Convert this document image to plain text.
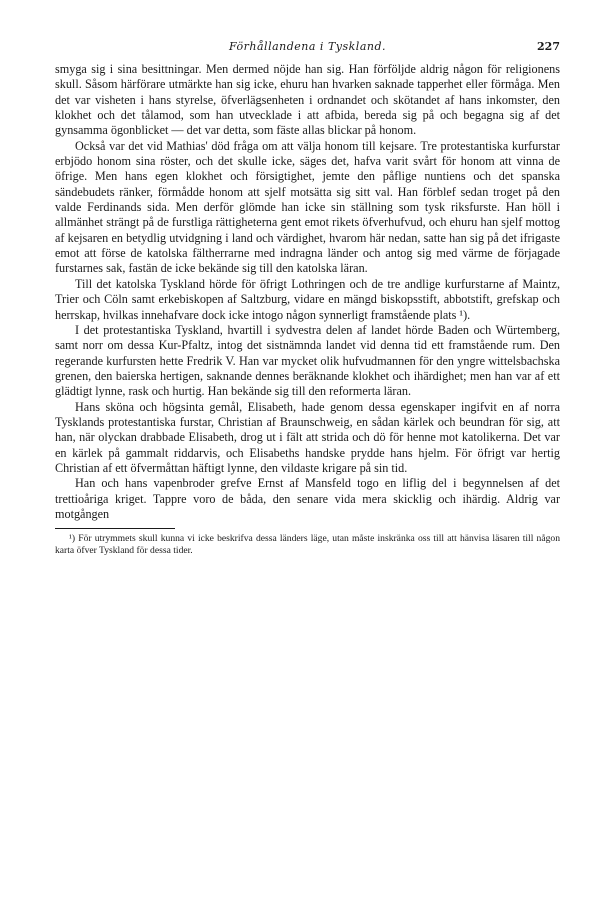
Förhållandena i Tyskland.	227

smyga sig i sina besittningar. Men dermed nöjde han sig. Han förföljde aldrig någon för religionens skull. Såsom härförare utmärkte han sig icke, ehuru han hvarken saknade tapperhet eller förmåga. Men det var visheten i hans styrelse, öfverlägsenheten i ordnandet och skötandet af hans inkomster, den klokhet och det tålamod, som han utvecklade i att afbida, bereda sig på och begagna sig af det gynsamma ögonblicket — det var detta, som fäste allas blickar på honom.

Också var det vid Mathias' död fråga om att välja honom till kejsare. Tre protestantiska kurfurstar erbjödo honom sina röster, och det skulle icke, säges det, hafva varit svårt för honom att vinna de öfrige. Men hans egen klokhet och försigtighet, jemte den påflige nuntiens och det spanska sändebudets ränker, förmådde honom att sjelf motsätta sig sitt val. Han förblef sedan troget på den valde Ferdinands sida. Men derför glömde han icke sin ställning som tysk riksfurste. Han höll i allmänhet strängt på de furstliga rättigheterna gent emot rikets öfverhufvud, och ehuru han sjelf mottog af kejsaren en betydlig utvidgning i land och värdighet, hvarom här nedan, satte han sig på det ifrigaste emot att förse de katolska fältherrarne med indragna länder och antog sig med värme de förjagade furstarnes sak, fastän de icke bekände sig till den katolska läran.

Till det katolska Tyskland hörde för öfrigt Lothringen och de tre andlige kurfurstarne af Maintz, Trier och Cöln samt erkebiskopen af Saltzburg, vidare en mängd biskopsstift, abbotstift, grefskap och herrskap, hvilkas innehafvare dock icke intogo någon synnerligt framstående plats ¹).

I det protestantiska Tyskland, hvartill i sydvestra delen af landet hörde Baden och Würtemberg, samt norr om dessa Kur-Pfaltz, intog det sistnämnda landet vid denna tid ett framstående rum. Den regerande kurfursten hette Fredrik V. Han var mycket olik hufvudmannen för den yngre wittelsbachska grenen, den baierska hertigen, saknande dennes beräknande klokhet och ihärdighet; men han var af ett glädtigt lynne, rask och hurtig. Han bekände sig till den reformerta läran.

Hans sköna och högsinta gemål, Elisabeth, hade genom dessa egenskaper ingifvit en af norra Tysklands protestantiska furstar, Christian af Braunschweig, en sådan kärlek och beundran för sig, att han, när olyckan drabbade Elisabeth, drog ut i fält att strida och dö för henne mot katolikerna. Det var en kärlek på gammalt riddarvis, och Elisabeths handske prydde hans hjelm. För öfrigt var hertig Christian af ett öfvermåttan häftigt lynne, den vildaste krigare på sin tid.

Han och hans vapenbroder grefve Ernst af Mansfeld togo en liflig del i begynnelsen af det trettioåriga kriget. Tappre voro de båda, den senare vida mera skicklig och ihärdig. Aldrig var motgången

¹) För utrymmets skull kunna vi icke beskrifva dessa länders läge, utan måste inskränka oss till att hänvisa läsaren till någon karta öfver Tyskland för dessa tider.
